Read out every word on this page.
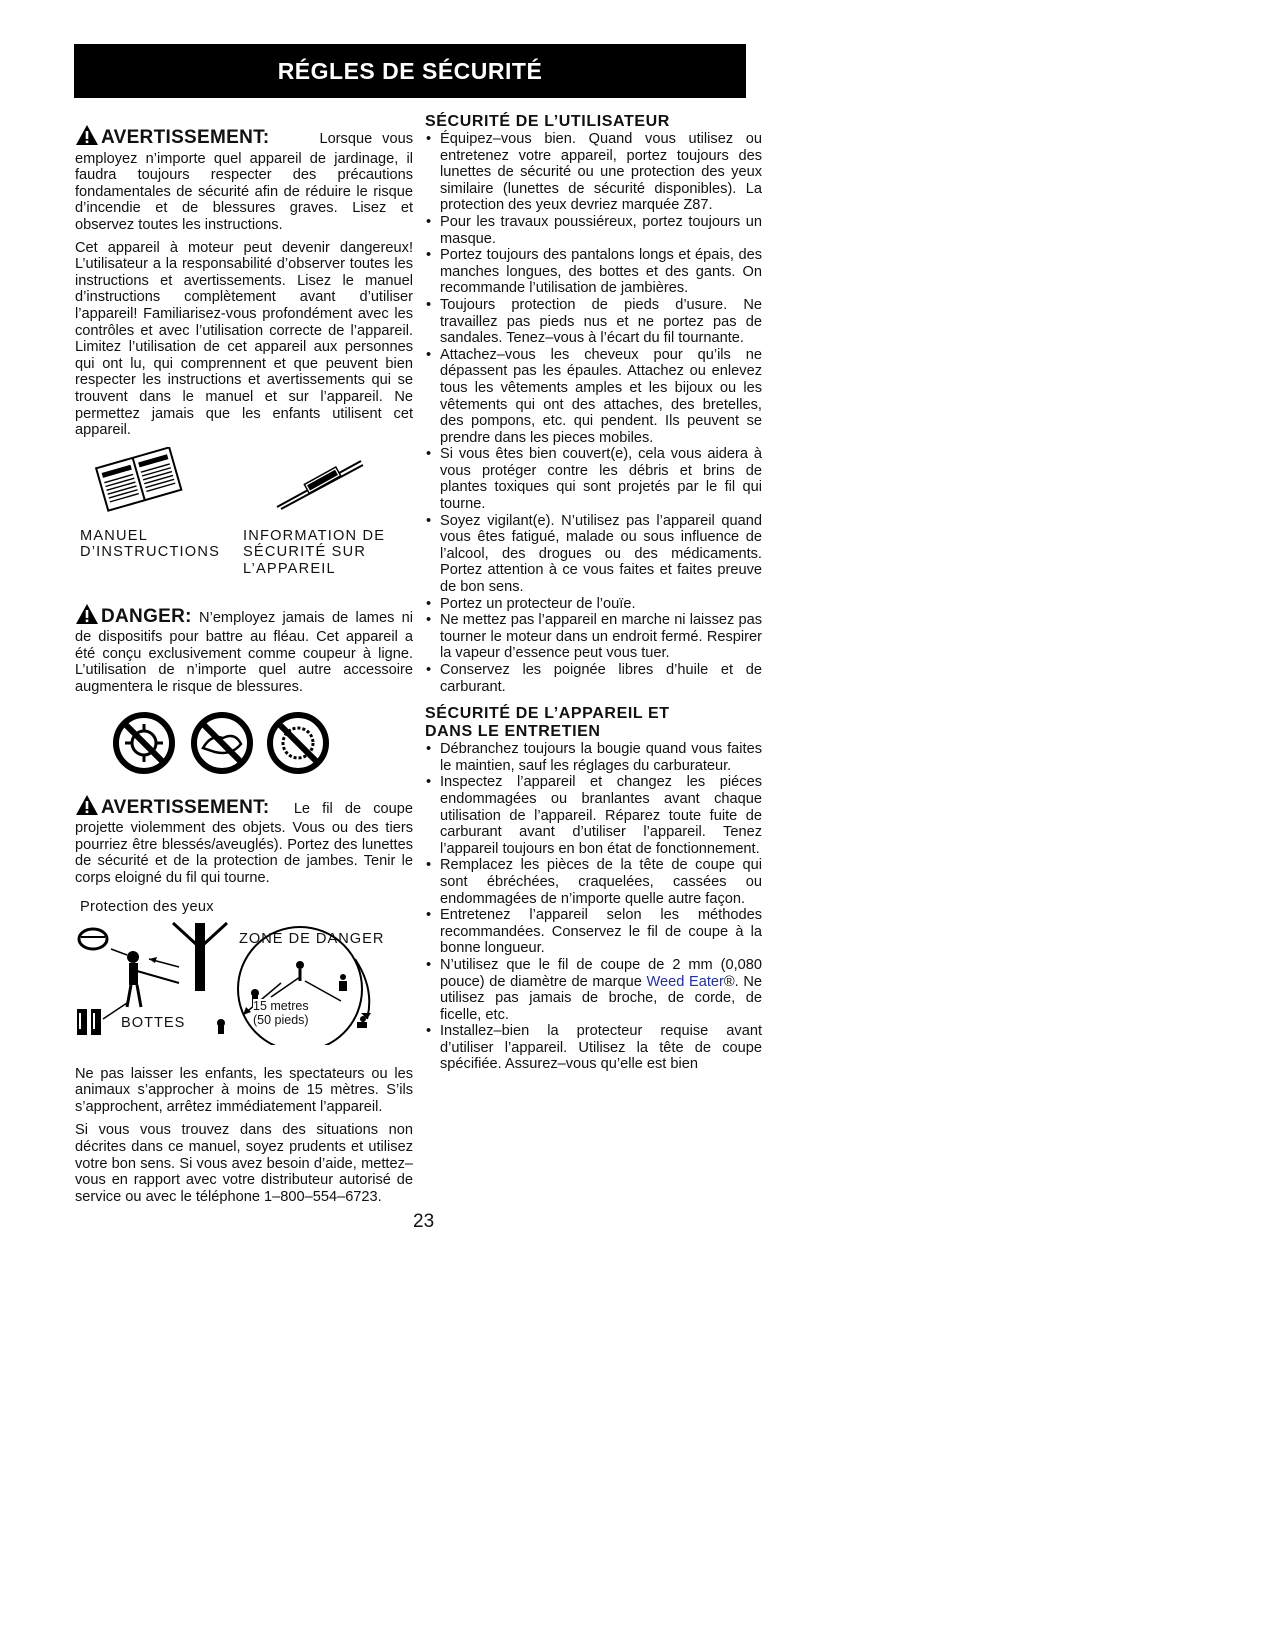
RÉGLES DE SÉCURITÉ
AVERTISSEMENT:	Lorsque vous employez n’importe quel appareil de jardinage, il faudra toujours respecter des précautions fondamentales de sécurité afin de réduire le risque d’incendie et de blessures graves. Lisez et observez toutes les instructions.

Cet appareil à moteur peut devenir dangereux! L’utilisateur a la responsabilité d’observer toutes les instructions et avertissements. Lisez le manuel d’instructions complètement avant d’utiliser l’appareil! Familiarisez-vous profondément avec les contrôles et avec l’utilisation correcte de l’appareil. Limitez l’utilisation de cet appareil aux personnes qui ont lu, qui comprennent et que peuvent bien respecter les instructions et avertissements qui se trouvent dans le manuel et sur l’appareil. Ne permettez jamais que les enfants utilisent cet appareil.

MANUEL
D’INSTRUCTIONS
INFORMATION DE
SÉCURITÉ SUR
L’APPAREIL
DANGER: N’employez jamais de lames ni de dispositifs pour battre au fléau. Cet appareil a été conçu exclusivement comme coupeur à ligne. L’utilisation de n’importe quel autre accessoire augmentera le risque de blessures.
AVERTISSEMENT: Le fil de coupe projette violemment des objets. Vous ou des tiers pourriez être blessés/aveuglés). Portez des lunettes de sécurité et de la protection de jambes. Tenir le corps eloigné du fil qui tourne.
Protection des yeux
ZONE DE DANGER
BOTTES
15 metres
(50 pieds)

Ne pas laisser les enfants, les spectateurs ou les animaux s’approcher à moins de 15 mètres. S’ils s’approchent, arrêtez immédiatement l’appareil.

Si vous vous trouvez dans des situations non décrites dans ce manuel, soyez prudents et utilisez votre bon sens. Si vous avez besoin d’aide, mettez–vous en rapport avec votre distributeur autorisé de service ou avec le téléphone 1–800–554–6723.

SÉCURITÉ DE L’UTILISATEUR
• Équipez–vous bien. Quand vous utilisez ou entretenez votre appareil, portez toujours des lunettes de sécurité ou une protection des yeux similaire (lunettes de sécurité disponibles). La protection des yeux devriez marquée Z87.
• Pour les travaux poussiéreux, portez toujours un masque.
• Portez toujours des pantalons longs et épais, des manches longues, des bottes et des gants. On recommande l’utilisation de jambières.
• Toujours protection de pieds d’usure. Ne travaillez pas pieds nus et ne portez pas de sandales. Tenez–vous à l’écart du fil tournante.
• Attachez–vous les cheveux pour qu’ils ne dépassent pas les épaules. Attachez ou enlevez tous les vêtements amples et les bijoux ou les vêtements qui ont des attaches, des bretelles, des pompons, etc. qui pendent. Ils peuvent se prendre dans les pieces mobiles.
• Si vous êtes bien couvert(e), cela vous aidera à vous protéger contre les débris et brins de plantes toxiques qui sont projetés par le fil qui tourne.
• Soyez vigilant(e). N’utilisez pas l’appareil quand vous êtes fatigué, malade ou sous influence de l’alcool, des drogues ou des médicaments. Portez attention à ce vous faites et faites preuve de bon sens.
• Portez un protecteur de l’ouïe.
• Ne mettez pas l’appareil en marche ni laissez pas tourner le moteur dans un endroit fermé. Respirer la vapeur d’essence peut vous tuer.
• Conservez les poignée libres d’huile et de carburant.
SÉCURITÉ DE L’APPAREIL ET
DANS LE ENTRETIEN
• Débranchez toujours la bougie quand vous faites le maintien, sauf les réglages du carburateur.
• Inspectez l’appareil et changez les piéces endommagées ou branlantes avant chaque utilisation de l’appareil. Réparez toute fuite de carburant avant d’utiliser l’appareil. Tenez l’appareil toujours en bon état de fonctionnement.
• Remplacez les pièces de la tête de coupe qui sont ébréchées, craquelées, cassées ou endommagées de n’importe quelle autre façon.
• Entretenez l’appareil selon les méthodes recommandées. Conservez le fil de coupe à la bonne longueur.
• N’utilisez que le fil de coupe de 2 mm (0,080 pouce) de diamètre de marque Weed Eater®. Ne utilisez pas jamais de broche, de corde, de ficelle, etc.
• Installez–bien la protecteur requise avant d’utiliser l’appareil. Utilisez la tête de coupe spécifiée. Assurez–vous qu’elle est bien
23
